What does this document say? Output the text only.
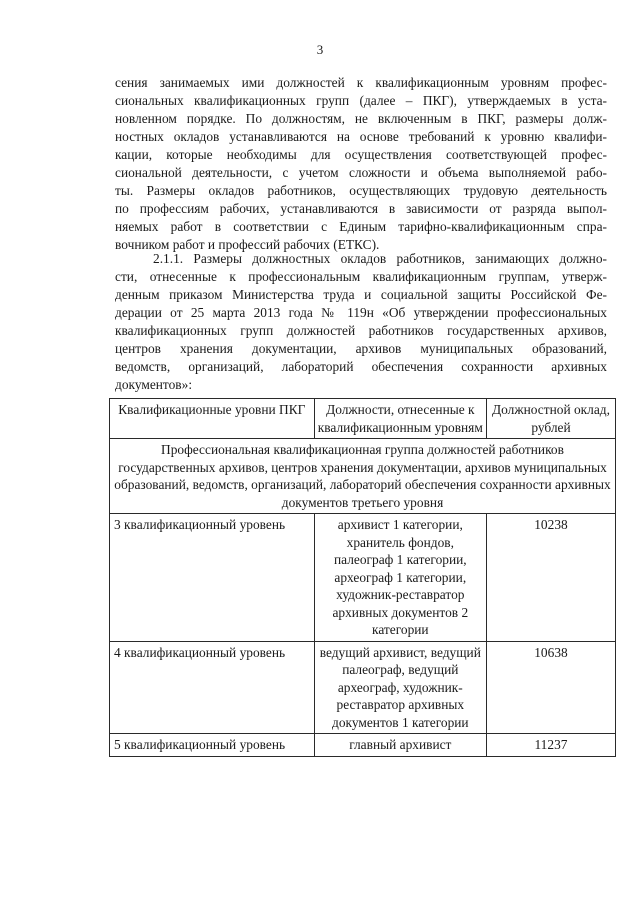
3
сения занимаемых ими должностей к квалификационным уровням профес-
сиональных квалификационных групп (далее – ПКГ), утверждаемых в уста-
новленном порядке. По должностям, не включенным в ПКГ, размеры долж-
ностных окладов устанавливаются на основе требований к уровню квалифи-
кации, которые необходимы для осуществления соответствующей профес-
сиональной деятельности, с учетом сложности и объема выполняемой рабо-
ты. Размеры окладов работников, осуществляющих трудовую деятельность
по профессиям рабочих, устанавливаются в зависимости от разряда выпол-
няемых работ в соответствии с Единым тарифно-квалификационным спра-
вочником работ и профессий рабочих (ЕТКС).
2.1.1. Размеры должностных окладов работников, занимающих должно-
сти, отнесенные к профессиональным квалификационным группам, утверж-
денным приказом Министерства труда и социальной защиты Российской Фе-
дерации от 25 марта 2013 года № 119н «Об утверждении профессиональных
квалификационных групп должностей работников государственных архивов,
центров хранения документации, архивов муниципальных образований,
ведомств, организаций, лабораторий обеспечения сохранности архивных
документов»:
Квалификационные уровни ПКГ	Должности, отнесенные к квалификационным уровням	Должностной оклад, рублей
Профессиональная квалификационная группа должностей работников государственных архивов, центров хранения документации, архивов муниципальных образований, ведомств, организаций, лабораторий обеспечения сохранности архивных документов третьего уровня		
3 квалификационный уровень	архивист 1 категории, хранитель фондов, палеограф 1 категории, археограф 1 категории, художник-реставратор архивных документов 2 категории	10238
4 квалификационный уровень	ведущий архивист, ведущий палеограф, ведущий археограф, художник-реставратор архивных документов 1 категории	10638
5 квалификационный уровень	главный архивист	11237
